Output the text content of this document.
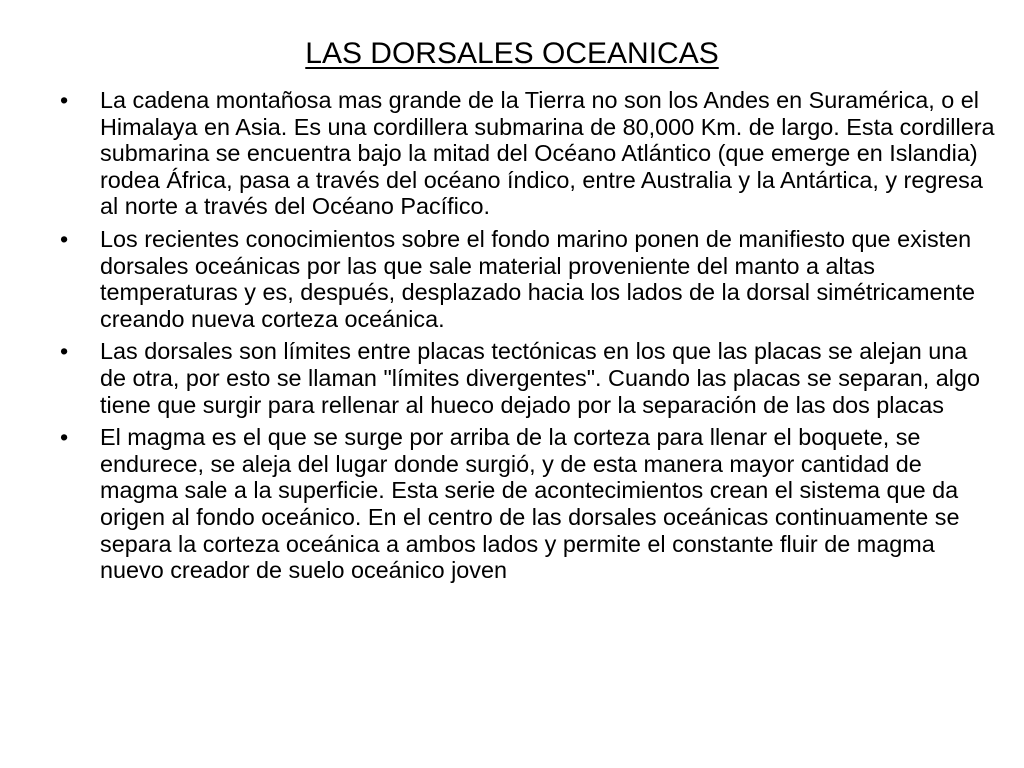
LAS DORSALES OCEANICAS
•	La cadena montañosa mas grande de la Tierra no son los Andes en Suramérica, o el Himalaya en Asia. Es una cordillera submarina de 80,000 Km. de largo. Esta cordillera submarina se encuentra bajo la mitad del Océano Atlántico (que emerge en Islandia) rodea África, pasa a través del océano índico, entre Australia y la Antártica, y regresa al norte a través del Océano Pacífico.
•	Los recientes conocimientos sobre el fondo marino ponen de manifiesto que existen dorsales oceánicas por las que sale material proveniente del manto a altas temperaturas y es, después, desplazado hacia los lados de la dorsal simétricamente creando nueva corteza oceánica.
•	Las dorsales son límites entre placas tectónicas en los que las placas se alejan una de otra, por esto se llaman "límites divergentes". Cuando las placas se separan, algo tiene que surgir para rellenar al hueco dejado por la separación de las dos placas
•	El magma es el que se surge por arriba de la corteza para llenar el boquete, se endurece, se aleja del lugar donde surgió, y de esta manera mayor cantidad de magma sale a la superficie. Esta serie de acontecimientos crean el sistema que da origen al fondo oceánico. En el centro de las dorsales oceánicas continuamente se separa la corteza oceánica a ambos lados y permite el constante fluir de magma nuevo creador de suelo oceánico joven
